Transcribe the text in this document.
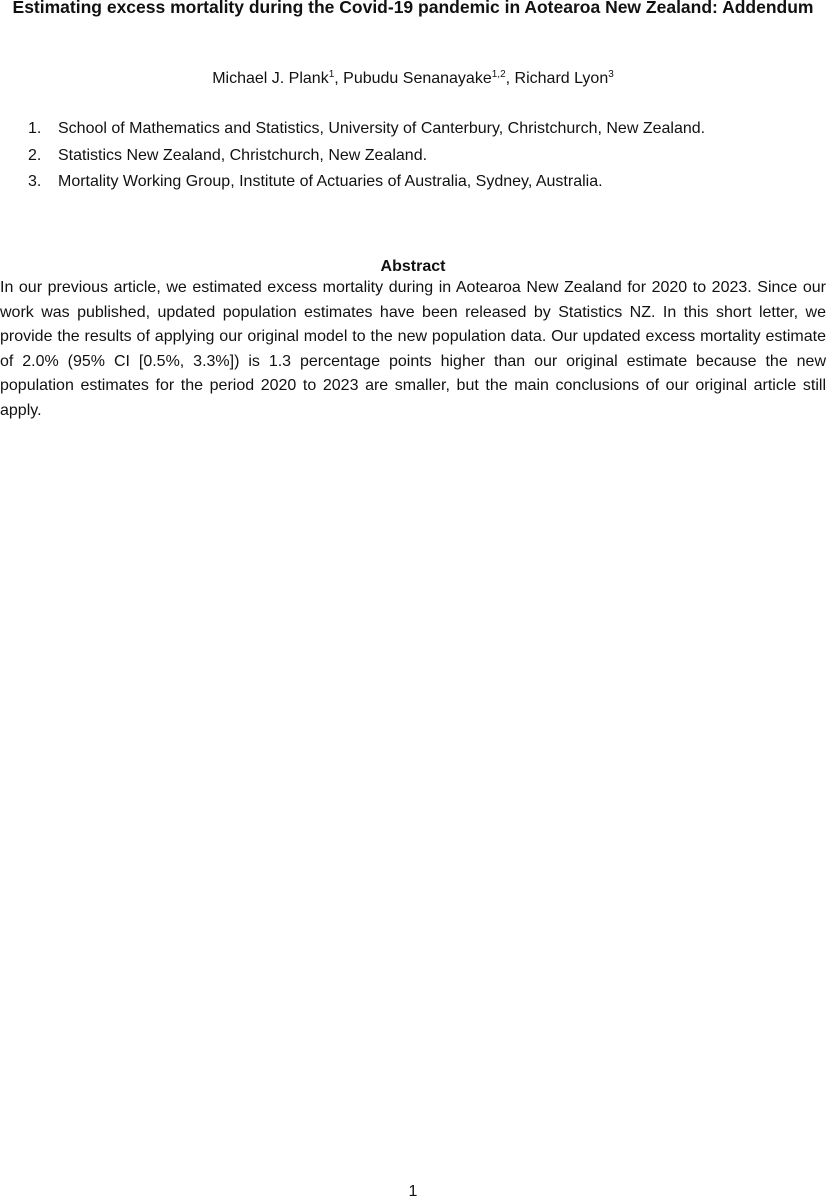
Estimating excess mortality during the Covid-19 pandemic in Aotearoa New Zealand: Addendum
Michael J. Plank$^1$, Pubudu Senanayake$^{1,2}$, Richard Lyon$^3$
1. School of Mathematics and Statistics, University of Canterbury, Christchurch, New Zealand.
2. Statistics New Zealand, Christchurch, New Zealand.
3. Mortality Working Group, Institute of Actuaries of Australia, Sydney, Australia.
Abstract

In our previous article, we estimated excess mortality during in Aotearoa New Zealand for 2020 to 2023. Since our work was published, updated population estimates have been released by Statistics NZ. In this short letter, we provide the results of applying our original model to the new population data. Our updated excess mortality estimate of 2.0% (95% CI [0.5%, 3.3%]) is 1.3 percentage points higher than our original estimate because the new population estimates for the period 2020 to 2023 are smaller, but the main conclusions of our original article still apply.

1
